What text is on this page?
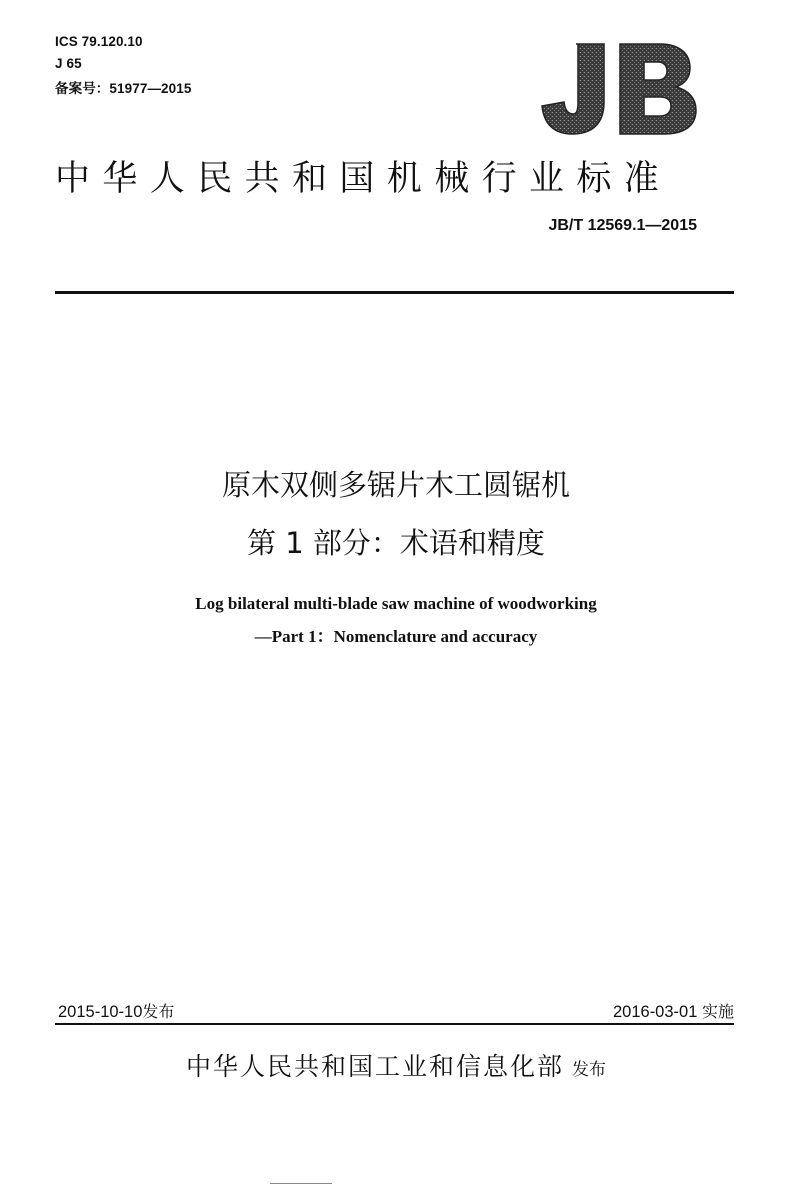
ICS 79.120.10
J 65
备案号：51977—2015
中华人民共和国机械行业标准
JB/T 12569.1—2015
原木双侧多锯片木工圆锯机
第 1 部分：术语和精度
Log bilateral multi-blade saw machine of woodworking
—Part 1：Nomenclature and accuracy
2015-10-10发布	2016-03-01 实施
中华人民共和国工业和信息化部 发布
